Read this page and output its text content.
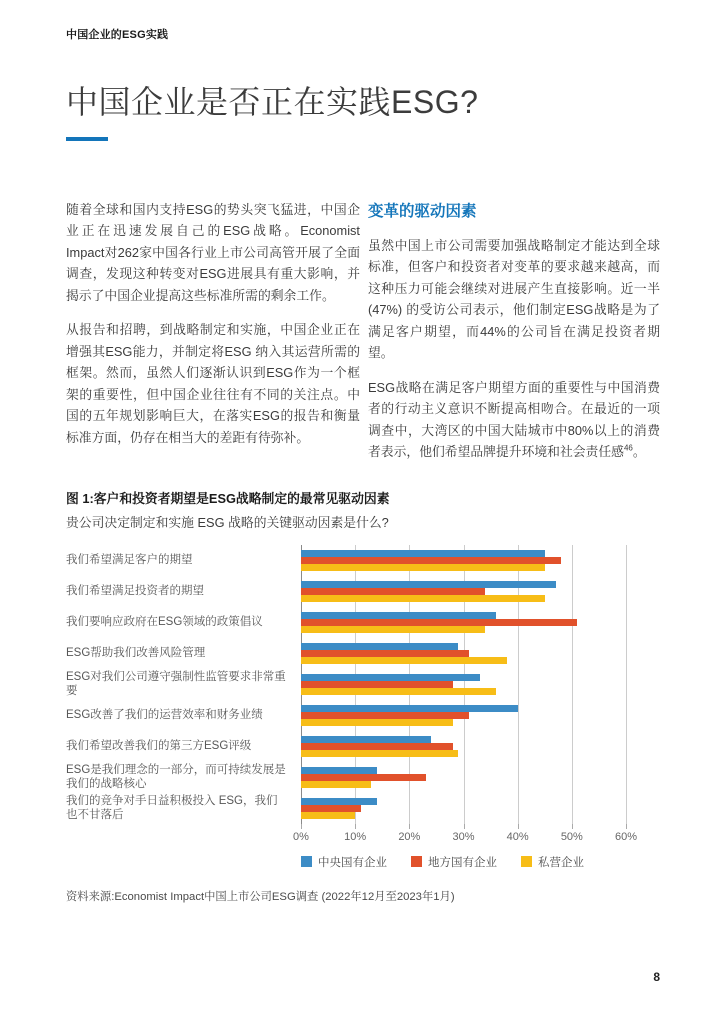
中国企业的ESG实践
中国企业是否正在实践ESG?

随着全球和国内支持ESG的势头突飞猛进，中国企业正在迅速发展自己的ESG战略。Economist Impact对262家中国各行业上市公司高管开展了全面调查，发现这种转变对ESG进展具有重大影响，并揭示了中国企业提高这些标准所需的剩余工作。

从报告和招聘，到战略制定和实施，中国企业正在增强其ESG能力，并制定将ESG 纳入其运营所需的框架。然而，虽然人们逐渐认识到ESG作为一个框架的重要性，但中国企业往往有不同的关注点。中国的五年规划影响巨大，在落实ESG的报告和衡量标准方面，仍存在相当大的差距有待弥补。

变革的驱动因素

虽然中国上市公司需要加强战略制定才能达到全球标准，但客户和投资者对变革的要求越来越高，而这种压力可能会继续对进展产生直接影响。近一半 (47%) 的受访公司表示，他们制定ESG战略是为了满足客户期望，而44%的公司旨在满足投资者期望。

ESG战略在满足客户期望方面的重要性与中国消费者的行动主义意识不断提高相吻合。在最近的一项调查中，大湾区的中国大陆城市中80%以上的消费者表示，他们希望品牌提升环境和社会责任感$^{46}$。

图 1:客户和投资者期望是ESG战略制定的最常见驱动因素
贵公司决定制定和实施 ESG 战略的关键驱动因素是什么?
我们希望满足客户的期望
我们希望满足投资者的期望
我们要响应政府在ESG领域的政策倡议
ESG帮助我们改善风险管理
ESG对我们公司遵守强制性监管要求非常重要
ESG改善了我们的运营效率和财务业绩
我们希望改善我们的第三方ESG评级
ESG是我们理念的一部分，而可持续发展是我们的战略核心
我们的竞争对手日益积极投入 ESG，我们也不甘落后
0%	10%	20%	30%	40%	50%	60%
中央国有企业	地方国有企业	私营企业
资料来源:Economist Impact中国上市公司ESG调查 (2022年12月至2023年1月)
8
